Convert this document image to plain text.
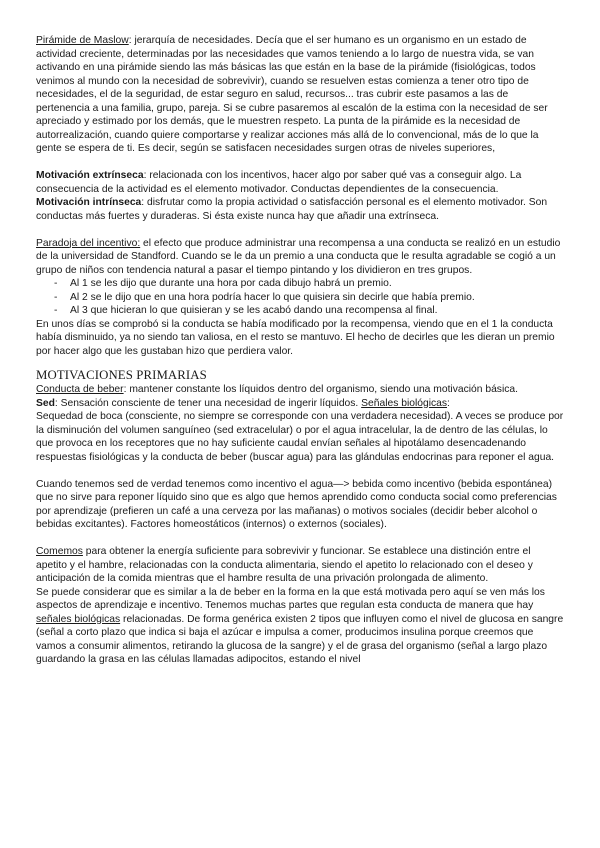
Pirámide de Maslow: jerarquía de necesidades. Decía que el ser humano es un organismo en un estado de actividad creciente, determinadas por las necesidades que vamos teniendo a lo largo de nuestra vida, se van activando en una pirámide siendo las más básicas las que están en la base de la pirámide (fisiológicas, todos venimos al mundo con la necesidad de sobrevivir), cuando se resuelven estas comienza a tener otro tipo de necesidades, el de la seguridad, de estar seguro en salud, recursos... tras cubrir este pasamos a las de pertenencia a una familia, grupo, pareja. Si se cubre pasaremos al escalón de la estima con la necesidad de ser apreciado y estimado por los demás, que le muestren respeto. La punta de la pirámide es la necesidad de autorrealización, cuando quiere comportarse y realizar acciones más allá de lo convencional, más de lo que la gente se espera de ti. Es decir, según se satisfacen necesidades surgen otras de niveles superiores,

Motivación extrínseca: relacionada con los incentivos, hacer algo por saber qué vas a conseguir algo. La consecuencia de la actividad es el elemento motivador. Conductas dependientes de la consecuencia.

Motivación intrínseca: disfrutar como la propia actividad o satisfacción personal es el elemento motivador. Son conductas más fuertes y duraderas. Si ésta existe nunca hay que añadir una extrínseca.

Paradoja del incentivo: el efecto que produce administrar una recompensa a una conducta se realizó en un estudio de la universidad de Standford. Cuando se le da un premio a una conducta que le resulta agradable se cogió a un grupo de niños con tendencia natural a pasar el tiempo pintando y los dividieron en tres grupos.

- Al 1 se les dijo que durante una hora por cada dibujo habrá un premio.
- Al 2 se le dijo que en una hora podría hacer lo que quisiera sin decirle que había premio.
- Al 3 que hicieran lo que quisieran y se les acabó dando una recompensa al final.

En unos días se comprobó si la conducta se había modificado por la recompensa, viendo que en el 1 la conducta había disminuido, ya no siendo tan valiosa, en el resto se mantuvo. El hecho de decirles que les dieran un premio por hacer algo que les gustaban hizo que perdiera valor.

MOTIVACIONES PRIMARIAS

Conducta de beber: mantener constante los líquidos dentro del organismo, siendo una motivación básica.

Sed: Sensación consciente de tener una necesidad de ingerir líquidos. Señales biológicas:

Sequedad de boca (consciente, no siempre se corresponde con una verdadera necesidad). A veces se produce por la disminución del volumen sanguíneo (sed extracelular) o por el agua intracelular, la de dentro de las células, lo que provoca en los receptores que no hay suficiente caudal envían señales al hipotálamo desencadenando respuestas fisiológicas y la conducta de beber (buscar agua) para las glándulas endocrinas para reponer el agua.

Cuando tenemos sed de verdad tenemos como incentivo el agua—> bebida como incentivo (bebida espontánea) que no sirve para reponer líquido sino que es algo que hemos aprendido como conducta social como preferencias por aprendizaje (prefieren un café a una cerveza por las mañanas) o motivos sociales (decidir beber alcohol o bebidas excitantes). Factores homeostáticos (internos) o externos (sociales).

Comemos para obtener la energía suficiente para sobrevivir y funcionar. Se establece una distinción entre el apetito y el hambre, relacionadas con la conducta alimentaria, siendo el apetito lo relacionado con el deseo y anticipación de la comida mientras que el hambre resulta de una privación prolongada de alimento.

Se puede considerar que es similar a la de beber en la forma en la que está motivada pero aquí se ven más los aspectos de aprendizaje e incentivo. Tenemos muchas partes que regulan esta conducta de manera que hay señales biológicas relacionadas. De forma genérica existen 2 tipos que influyen como el nivel de glucosa en sangre (señal a corto plazo que indica si baja el azúcar e impulsa a comer, producimos insulina porque creemos que vamos a consumir alimentos, retirando la glucosa de la sangre) y el de grasa del organismo (señal a largo plazo guardando la grasa en las células llamadas adipocitos, estando el nivel
